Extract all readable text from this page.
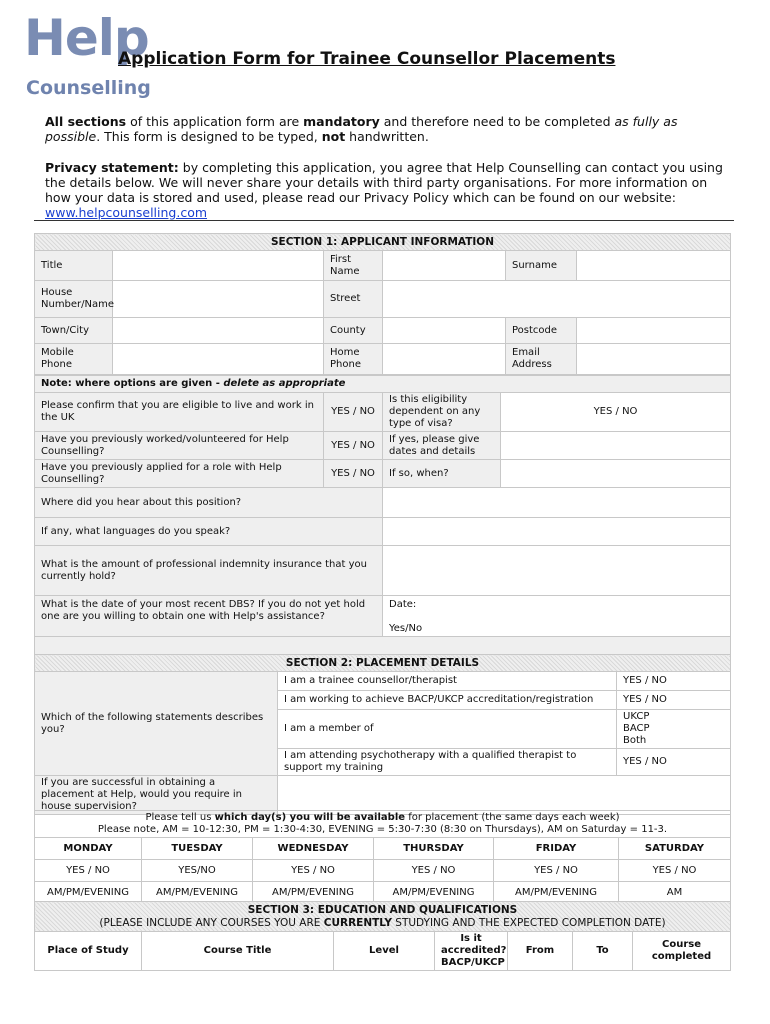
Help
Counselling
Application Form for Trainee Counsellor Placements
All sections of this application form are mandatory and therefore need to be completed as fully as possible. This form is designed to be typed, not handwritten.
Privacy statement: by completing this application, you agree that Help Counselling can contact you using the details below. We will never share your details with third party organisations. For more information on how your data is stored and used, please read our Privacy Policy which can be found on our website: www.helpcounselling.com
SECTION 1: APPLICANT INFORMATION					
Title		First Name		Surname	
House Number/Name		Street			
Town/City		County		Postcode	
Mobile Phone		Home Phone		Email Address	
Note: where options are given - delete as appropriate			
Please confirm that you are eligible to live and work in the UK	YES / NO	Is this eligibility dependent on any type of visa?	YES / NO
Have you previously worked/volunteered for Help Counselling?	YES / NO	If yes, please give dates and details	
Have you previously applied for a role with Help Counselling?	YES / NO	If so, when?	
Where did you hear about this position?			
If any, what languages do you speak?			
What is the amount of professional indemnity insurance that you currently hold?			
What is the date of your most recent DBS? If you do not yet hold one are you willing to obtain one with Help's assistance?		Date:
Yes/No	

SECTION 2: PLACEMENT DETAILS		
Which of the following statements describes you?	I am a trainee counsellor/therapist	YES / NO
	I am working to achieve BACP/UKCP accreditation/registration	YES / NO
	I am a member of	UKCP
BACP
Both

	I am attending psychotherapy with a qualified therapist to support my training	YES / NO
If you are successful in obtaining a placement at Help, would you require in house supervision?		
Please tell us which day(s) you will be available for placement (the same days each week)
Please note, AM = 10-12:30, PM = 1:30-4:30, EVENING = 5:30-7:30 (8:30 on Thursdays), AM on Saturday = 11-3.					

MONDAY	TUESDAY	WEDNESDAY	THURSDAY	FRIDAY	SATURDAY
YES / NO	YES/NO	YES / NO	YES / NO	YES / NO	YES / NO
AM/PM/EVENING	AM/PM/EVENING	AM/PM/EVENING	AM/PM/EVENING	AM/PM/EVENING	AM
SECTION 3: EDUCATION AND QUALIFICATIONS
(PLEASE INCLUDE ANY COURSES YOU ARE CURRENTLY STUDYING AND THE EXPECTED COMPLETION DATE)

Place of Study	Course Title	Level	Is it accredited? BACP/UKCP	From	To	Course completed
